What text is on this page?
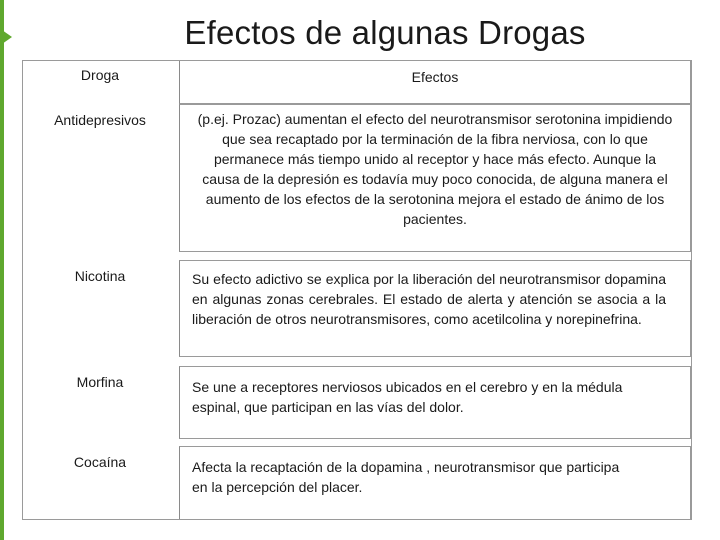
Efectos de algunas Drogas
Droga	Efectos
Antidepresivos	(p.ej. Prozac) aumentan el efecto del neurotransmisor serotonina impidiendo que sea recaptado por la terminación de la fibra nerviosa, con lo que permanece más tiempo unido al receptor y hace más efecto. Aunque la causa de la depresión es todavía muy poco conocida, de alguna manera el aumento de los efectos de la serotonina mejora el estado de ánimo de los pacientes.
Nicotina	Su efecto adictivo se explica por la liberación del neurotransmisor dopamina en algunas zonas cerebrales. El estado de alerta y atención se asocia a la liberación de otros neurotransmisores, como acetilcolina y norepinefrina.
Morfina	Se une a receptores nerviosos ubicados en el cerebro y en la médula espinal, que participan en las vías del dolor.
Cocaína	Afecta la recaptación de la dopamina , neurotransmisor que participa en la percepción del placer.
